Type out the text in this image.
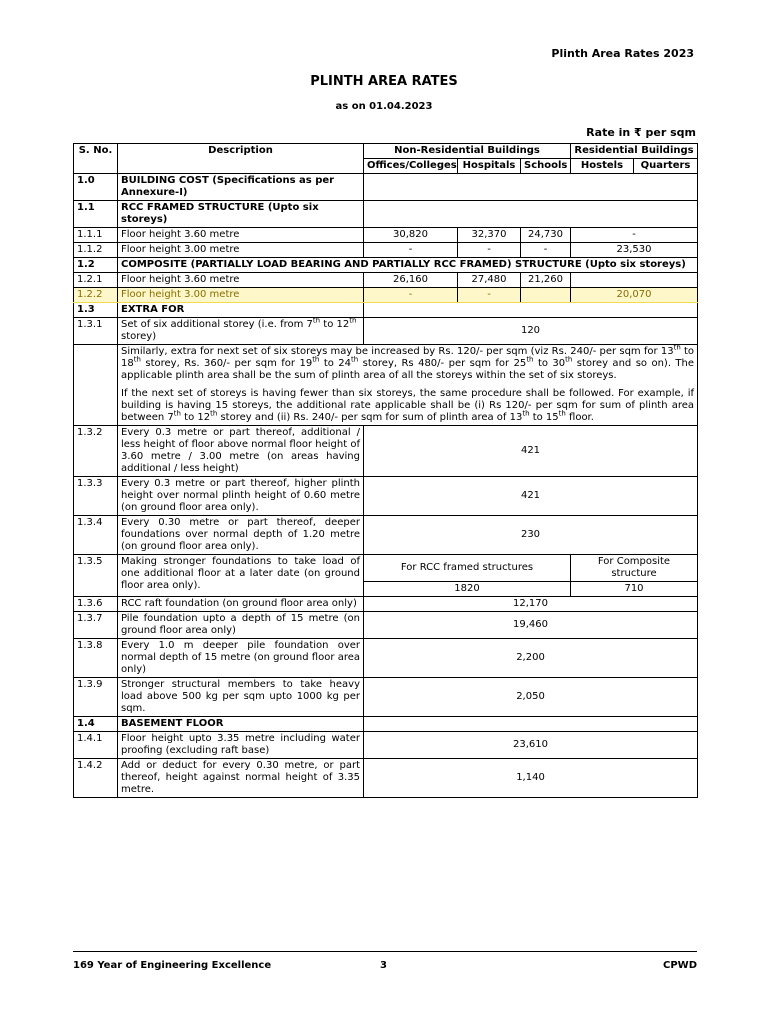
Plinth Area Rates 2023
PLINTH AREA RATES
as on 01.04.2023
Rate in ₹ per sqm
S. No.	Description	Non-Residential Buildings			Residential Buildings	
		Offices/Colleges	Hospitals	Schools	Hostels	Quarters
1.0	BUILDING COST (Specifications as per Annexure-I)					
1.1	RCC FRAMED STRUCTURE (Upto six storeys)					
1.1.1	Floor height 3.60 metre	30,820	32,370	24,730	-	
1.1.2	Floor height 3.00 metre	-	-	-	23,530	
1.2	COMPOSITE (PARTIALLY LOAD BEARING AND PARTIALLY RCC FRAMED) STRUCTURE (Upto six storeys)					
1.2.1	Floor height 3.60 metre	26,160	27,480	21,260		
1.2.2	Floor height 3.00 metre	-	-		20,070	
1.3	EXTRA FOR					
1.3.1	Set of six additional storey (i.e. from 7th to 12th storey)	120				

	Similarly, extra for next set of six storeys may be increased by Rs. 120/- per sqm (viz Rs. 240/- per sqm for 13th to 18th storey, Rs. 360/- per sqm for 19th to 24th storey, Rs 480/- per sqm for 25th to 30th storey and so on). The applicable plinth area shall be the sum of plinth area of all the storeys within the set of six storeys.

If the next set of storeys is having fewer than six storeys, the same procedure shall be followed. For example, if building is having 15 storeys, the additional rate applicable shall be (i) Rs 120/- per sqm for sum of plinth area between 7th to 12th storey and (ii) Rs. 240/- per sqm for sum of plinth area of 13th to 15th floor.					

1.3.2	Every 0.3 metre or part thereof, additional / less height of floor above normal floor height of 3.60 metre / 3.00 metre (on areas having additional / less height)	421				
1.3.3	Every 0.3 metre or part thereof, higher plinth height over normal plinth height of 0.60 metre (on ground floor area only).	421				
1.3.4	Every 0.30 metre or part thereof, deeper foundations over normal depth of 1.20 metre (on ground floor area only).	230				
1.3.5	Making stronger foundations to take load of one additional floor at a later date (on ground floor area only).	For RCC framed structures			For Composite structure	
		1820			710	
1.3.6	RCC raft foundation (on ground floor area only)	12,170				
1.3.7	Pile foundation upto a depth of 15 metre (on ground floor area only)	19,460				
1.3.8	Every 1.0 m deeper pile foundation over normal depth of 15 metre (on ground floor area only)	2,200				
1.3.9	Stronger structural members to take heavy load above 500 kg per sqm upto 1000 kg per sqm.	2,050				
1.4	BASEMENT FLOOR					
1.4.1	Floor height upto 3.35 metre including water proofing (excluding raft base)	23,610				
1.4.2	Add or deduct for every 0.30 metre, or part thereof, height against normal height of 3.35 metre.	1,140				
169 Year of Engineering Excellence	3	CPWD
